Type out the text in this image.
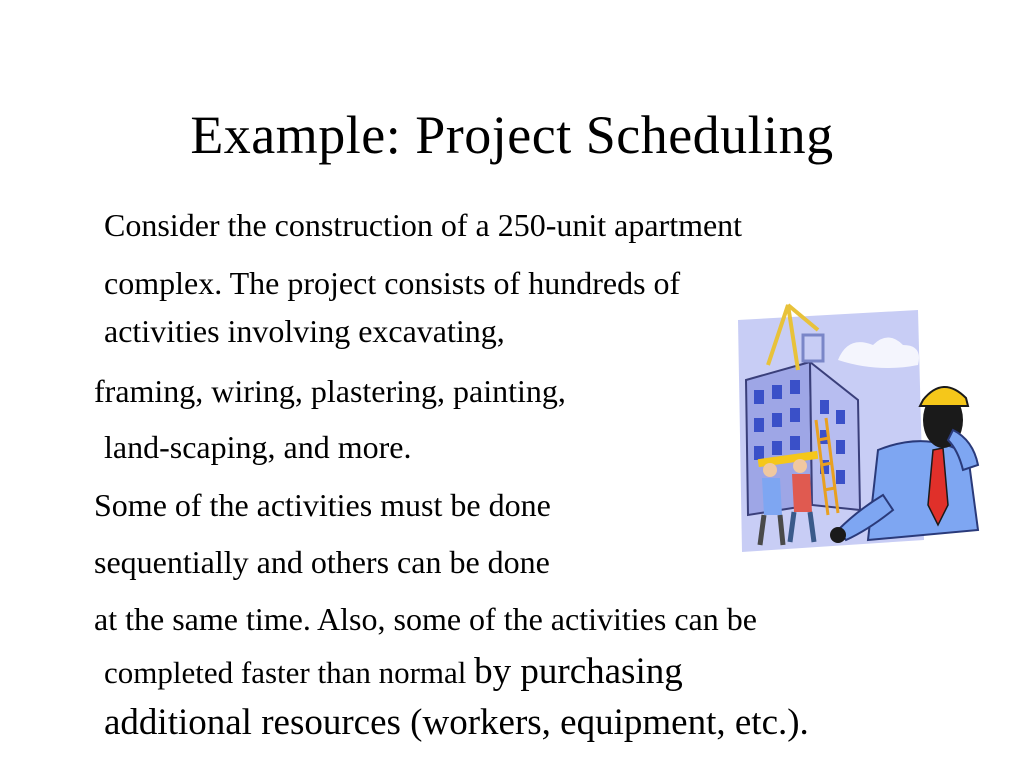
Example: Project Scheduling
Consider the construction of a 250-unit apartment
complex. The project consists of hundreds of
activities involving excavating,
framing, wiring, plastering, painting,
land-scaping, and more.
Some of the activities must be done
sequentially and others can be done
at the same time. Also, some of the activities can be
completed faster than normal by purchasing
additional resources (workers, equipment, etc.).
